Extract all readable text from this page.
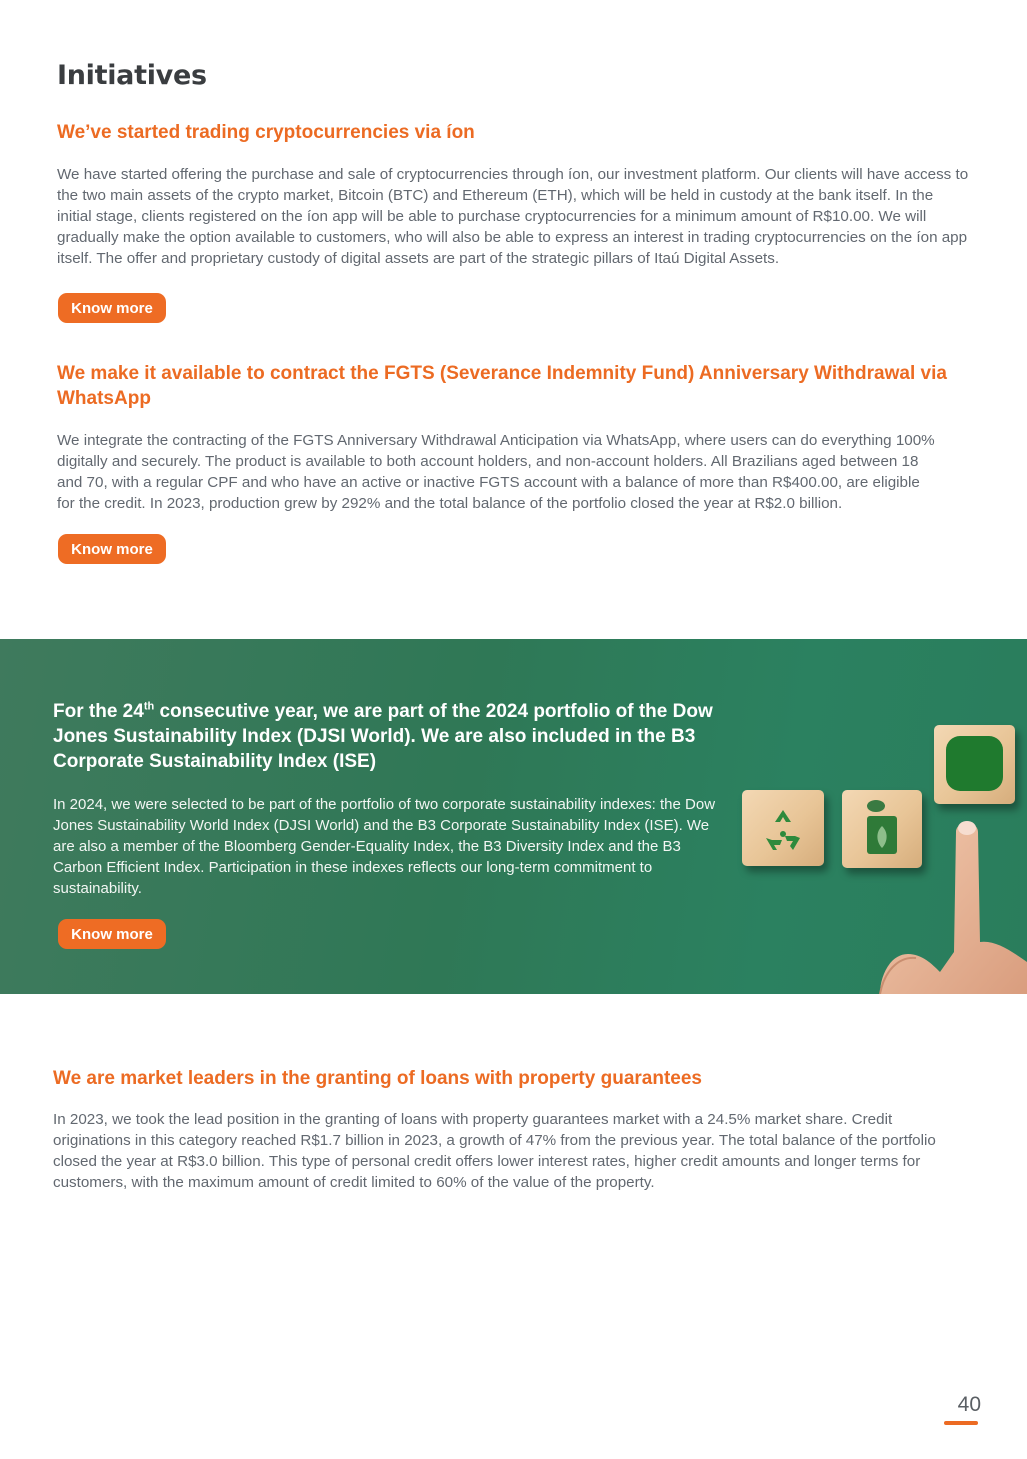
Initiatives
We’ve started trading cryptocurrencies via íon

We have started offering the purchase and sale of cryptocurrencies through íon, our investment platform. Our clients will have access to the two main assets of the crypto market, Bitcoin (BTC) and Ethereum (ETH), which will be held in custody at the bank itself. In the initial stage, clients registered on the íon app will be able to purchase cryptocurrencies for a minimum amount of R$10.00. We will gradually make the option available to customers, who will also be able to express an interest in trading cryptocurrencies on the íon app itself. The offer and proprietary custody of digital assets are part of the strategic pillars of Itaú Digital Assets.

Know more
We make it available to contract the FGTS (Severance Indemnity Fund) Anniversary Withdrawal via WhatsApp

We integrate the contracting of the FGTS Anniversary Withdrawal Anticipation via WhatsApp, where users can do everything 100% digitally and securely. The product is available to both account holders, and non-account holders. All Brazilians aged between 18 and 70, with a regular CPF and who have an active or inactive FGTS account with a balance of more than R$400.00, are eligible for the credit. In 2023, production grew by 292% and the total balance of the portfolio closed the year at R$2.0 billion.

Know more
For the 24th consecutive year, we are part of the 2024 portfolio of the Dow Jones Sustainability Index (DJSI World). We are also included in the B3 Corporate Sustainability Index (ISE)

In 2024, we were selected to be part of the portfolio of two corporate sustainability indexes: the Dow Jones Sustainability World Index (DJSI World) and the B3 Corporate Sustainability Index (ISE). We are also a member of the Bloomberg Gender-Equality Index, the B3 Diversity Index and the B3 Carbon Efficient Index. Participation in these indexes reflects our long-term commitment to sustainability.

Know more
We are market leaders in the granting of loans with property guarantees

In 2023, we took the lead position in the granting of loans with property guarantees market with a 24.5% market share. Credit originations in this category reached R$1.7 billion in 2023, a growth of 47% from the previous year. The total balance of the portfolio closed the year at R$3.0 billion. This type of personal credit offers lower interest rates, higher credit amounts and longer terms for customers, with the maximum amount of credit limited to 60% of the value of the property.

40
